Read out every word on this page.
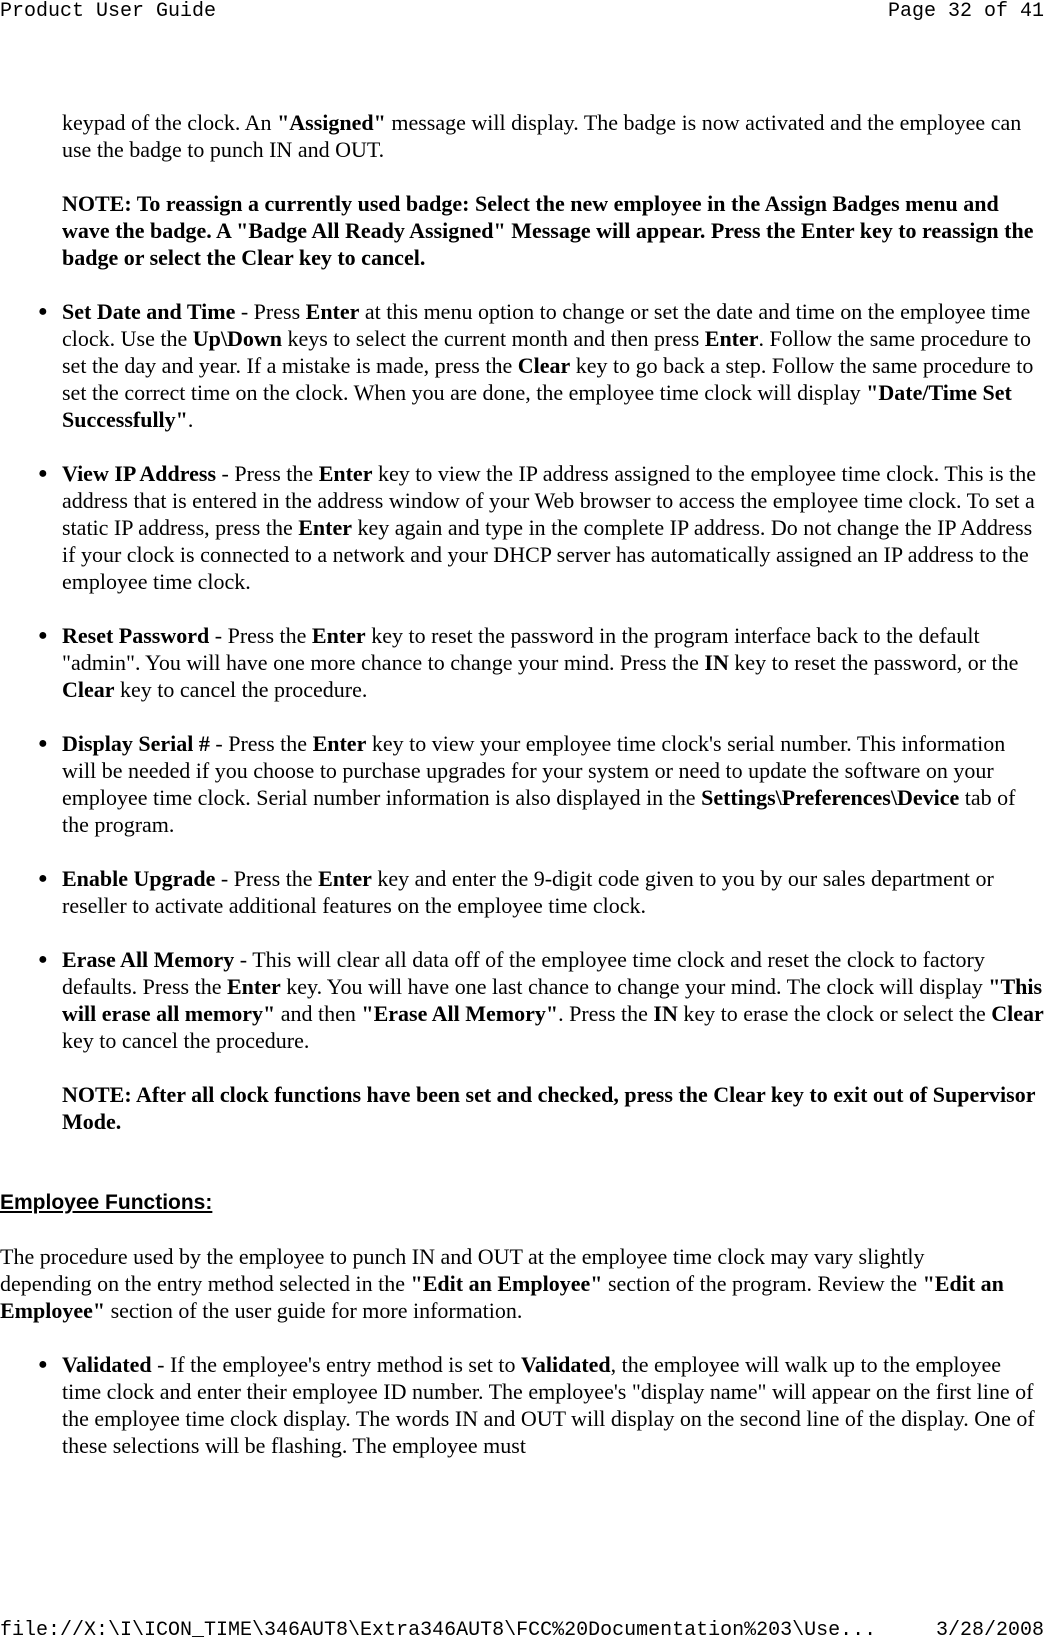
Product User Guide	Page 32 of 41

keypad of the clock. An "Assigned" message will display. The badge is now activated and the employee can use the badge to punch IN and OUT.

NOTE: To reassign a currently used badge: Select the new employee in the Assign Badges menu and wave the badge. A "Badge All Ready Assigned" Message will appear. Press the Enter key to reassign the badge or select the Clear key to cancel.

● Set Date and Time - Press Enter at this menu option to change or set the date and time on the employee time clock. Use the Up\Down keys to select the current month and then press Enter. Follow the same procedure to set the day and year. If a mistake is made, press the Clear key to go back a step. Follow the same procedure to set the correct time on the clock. When you are done, the employee time clock will display "Date/Time Set Successfully".
● View IP Address - Press the Enter key to view the IP address assigned to the employee time clock. This is the address that is entered in the address window of your Web browser to access the employee time clock. To set a static IP address, press the Enter key again and type in the complete IP address. Do not change the IP Address if your clock is connected to a network and your DHCP server has automatically assigned an IP address to the employee time clock.
● Reset Password - Press the Enter key to reset the password in the program interface back to the default "admin". You will have one more chance to change your mind. Press the IN key to reset the password, or the Clear key to cancel the procedure.
● Display Serial # - Press the Enter key to view your employee time clock's serial number. This information will be needed if you choose to purchase upgrades for your system or need to update the software on your employee time clock. Serial number information is also displayed in the Settings\Preferences\Device tab of the program.
● Enable Upgrade - Press the Enter key and enter the 9-digit code given to you by our sales department or reseller to activate additional features on the employee time clock.
● Erase All Memory - This will clear all data off of the employee time clock and reset the clock to factory defaults. Press the Enter key. You will have one last chance to change your mind. The clock will display "This will erase all memory" and then "Erase All Memory". Press the IN key to erase the clock or select the Clear key to cancel the procedure.

NOTE: After all clock functions have been set and checked, press the Clear key to exit out of Supervisor Mode.

Employee Functions:

The procedure used by the employee to punch IN and OUT at the employee time clock may vary slightly depending on the entry method selected in the "Edit an Employee" section of the program. Review the "Edit an Employee" section of the user guide for more information.

● Validated - If the employee's entry method is set to Validated, the employee will walk up to the employee time clock and enter their employee ID number. The employee's "display name" will appear on the first line of the employee time clock display. The words IN and OUT will display on the second line of the display. One of these selections will be flashing. The employee must
file://X:\I\ICON_TIME\346AUT8\Extra346AUT8\FCC%20Documentation%203\Use...	3/28/2008
